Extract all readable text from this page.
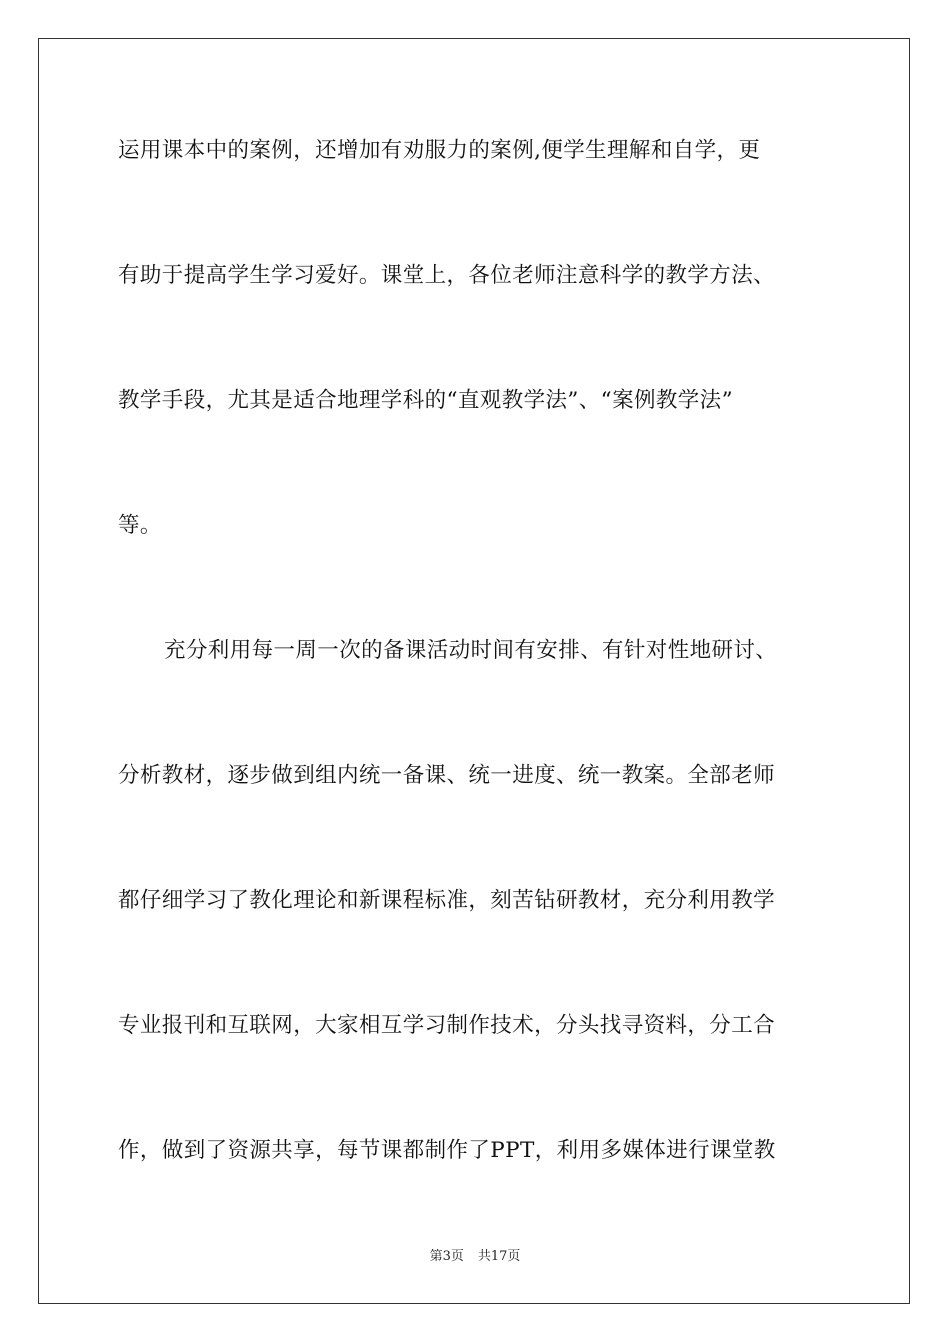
运用课本中的案例，还增加有劝服力的案例,便学生理解和自学，更
有助于提高学生学习爱好。课堂上，各位老师注意科学的教学方法、
教学手段，尤其是适合地理学科的“直观教学法”、“案例教学法”
等。
充分利用每一周一次的备课活动时间有安排、有针对性地研讨、
分析教材，逐步做到组内统一备课、统一进度、统一教案。全部老师
都仔细学习了教化理论和新课程标准，刻苦钻研教材，充分利用教学
专业报刊和互联网，大家相互学习制作技术，分头找寻资料，分工合
作，做到了资源共享，每节课都制作了PPT，利用多媒体进行课堂教
第3页 共17页
